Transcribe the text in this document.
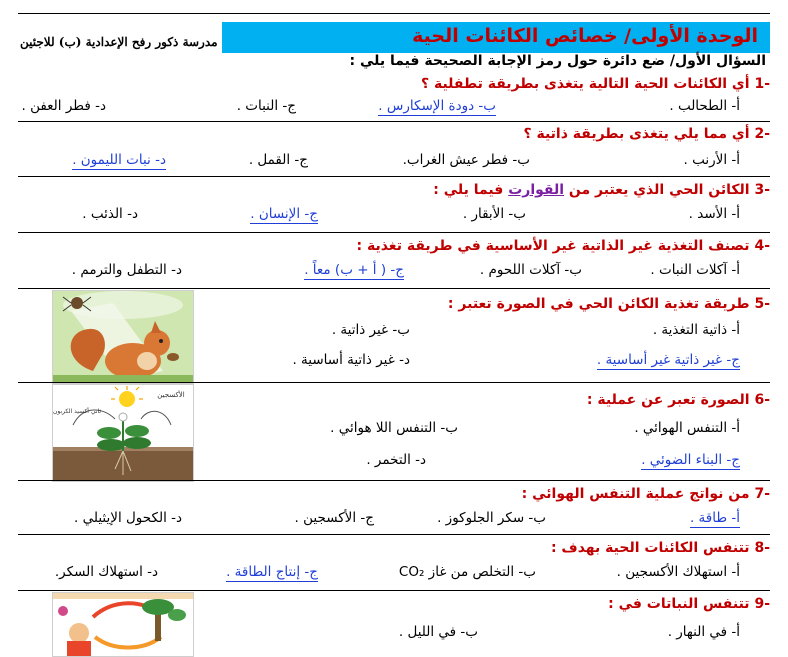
الوحدة الأولى/ خصائص الكائنات الحية
مدرسة ذكور رفح الإعدادية (ب) للاجئين
السؤال الأول/ ضع دائرة حول رمز الإجابة الصحيحة فيما يلي :
-1 أي الكائنات الحية التالية يتغذى بطريقة تطفلية ؟
أ- الطحالب .
ب- دودة الإسكارس .
ج- النبات .
د- فطر العفن .
-2 أي مما يلي يتغذى بطريقة ذاتية ؟
أ- الأرنب .
ب- فطر عيش الغراب.
ج- القمل .
د- نبات الليمون .
-3 الكائن الحي الذي يعتبر من القوارت فيما يلي :
أ- الأسد .
ب- الأبقار .
ج- الإنسان .
د- الذئب .
-4 تصنف التغذية غير الذاتية غير الأساسية في طريقة تغذية :
أ- آكلات النبات .
ب- آكلات اللحوم .
ج- ( أ + ب) معاً .
د- التطفل والترمم .
-5 طريقة تغذية الكائن الحي في الصورة تعتبر :
أ- ذاتية التغذية .
ب- غير ذاتية .
ج- غير ذاتية غير أساسية .
د- غير ذاتية أساسية .
الأكسجين
ثاني أكسيد الكربون
-6 الصورة تعبر عن عملية :
أ- التنفس الهوائي .
ب- التنفس اللا هوائي .
ج- البناء الضوئي .
د- التخمر .
-7 من نواتج عملية التنفس الهوائي :
أ- طاقة .
ب- سكر الجلوكوز .
ج- الأكسجين .
د- الكحول الإيثيلي .
-8 تتنفس الكائنات الحية بهدف :
أ- استهلاك الأكسجين .
ب- التخلص من غاز CO₂
ج- إنتاج الطاقة .
د- استهلاك السكر.
-9 تتنفس النباتات في :
أ- في النهار .
ب- في الليل .
